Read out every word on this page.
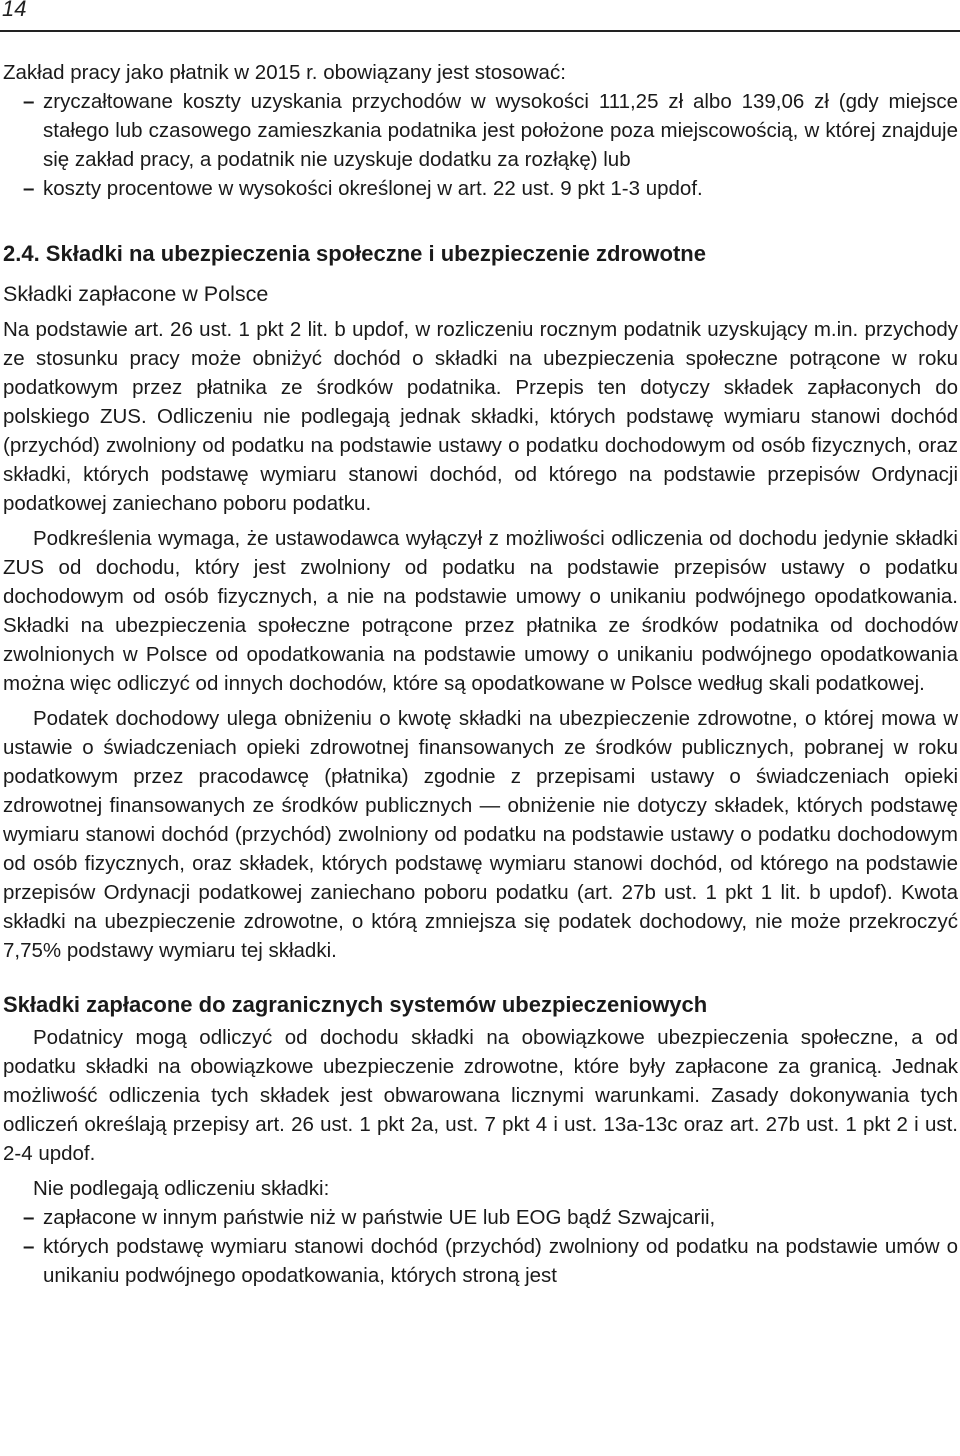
14

Zakład pracy jako płatnik w 2015 r. obowiązany jest stosować:

– zryczałtowane koszty uzyskania przychodów w wysokości 111,25 zł albo 139,06 zł (gdy miejsce stałego lub czasowego zamieszkania podatnika jest położone poza miejscowością, w której znajduje się zakład pracy, a podatnik nie uzyskuje dodatku za rozłąkę) lub
– koszty procentowe w wysokości określonej w art. 22 ust. 9 pkt 1-3 updof.
2.4. Składki na ubezpieczenia społeczne i ubezpieczenie zdrowotne
Składki zapłacone w Polsce

Na podstawie art. 26 ust. 1 pkt 2 lit. b updof, w rozliczeniu rocznym podatnik uzyskujący m.in. przychody ze stosunku pracy może obniżyć dochód o składki na ubezpieczenia społeczne potrącone w roku podatkowym przez płatnika ze środków podatnika. Przepis ten dotyczy składek zapłaconych do polskiego ZUS. Odliczeniu nie podlegają jednak składki, których podstawę wymiaru stanowi dochód (przychód) zwolniony od podatku na podstawie ustawy o podatku dochodowym od osób fizycznych, oraz składki, których podstawę wymiaru stanowi dochód, od którego na podstawie przepisów Ordynacji podatkowej zaniechano poboru podatku.

Podkreślenia wymaga, że ustawodawca wyłączył z możliwości odliczenia od dochodu jedynie składki ZUS od dochodu, który jest zwolniony od podatku na podstawie przepisów ustawy o podatku dochodowym od osób fizycznych, a nie na podstawie umowy o unikaniu podwójnego opodatkowania. Składki na ubezpieczenia społeczne potrącone przez płatnika ze środków podatnika od dochodów zwolnionych w Polsce od opodatkowania na podstawie umowy o unikaniu podwójnego opodatkowania można więc odliczyć od innych dochodów, które są opodatkowane w Polsce według skali podatkowej.

Podatek dochodowy ulega obniżeniu o kwotę składki na ubezpieczenie zdrowotne, o której mowa w ustawie o świadczeniach opieki zdrowotnej finansowanych ze środków publicznych, pobranej w roku podatkowym przez pracodawcę (płatnika) zgodnie z przepisami ustawy o świadczeniach opieki zdrowotnej finansowanych ze środków publicznych — obniżenie nie dotyczy składek, których podstawę wymiaru stanowi dochód (przychód) zwolniony od podatku na podstawie ustawy o podatku dochodowym od osób fizycznych, oraz składek, których podstawę wymiaru stanowi dochód, od którego na podstawie przepisów Ordynacji podatkowej zaniechano poboru podatku (art. 27b ust. 1 pkt 1 lit. b updof). Kwota składki na ubezpieczenie zdrowotne, o którą zmniejsza się podatek dochodowy, nie może przekroczyć 7,75% podstawy wymiaru tej składki.

Składki zapłacone do zagranicznych systemów ubezpieczeniowych

Podatnicy mogą odliczyć od dochodu składki na obowiązkowe ubezpieczenia społeczne, a od podatku składki na obowiązkowe ubezpieczenie zdrowotne, które były zapłacone za granicą. Jednak możliwość odliczenia tych składek jest obwarowana licznymi warunkami. Zasady dokonywania tych odliczeń określają przepisy art. 26 ust. 1 pkt 2a, ust. 7 pkt 4 i ust. 13a-13c oraz art. 27b ust. 1 pkt 2 i ust. 2-4 updof.

Nie podlegają odliczeniu składki:

– zapłacone w innym państwie niż w państwie UE lub EOG bądź Szwajcarii,
– których podstawę wymiaru stanowi dochód (przychód) zwolniony od podatku na podstawie umów o unikaniu podwójnego opodatkowania, których stroną jest
